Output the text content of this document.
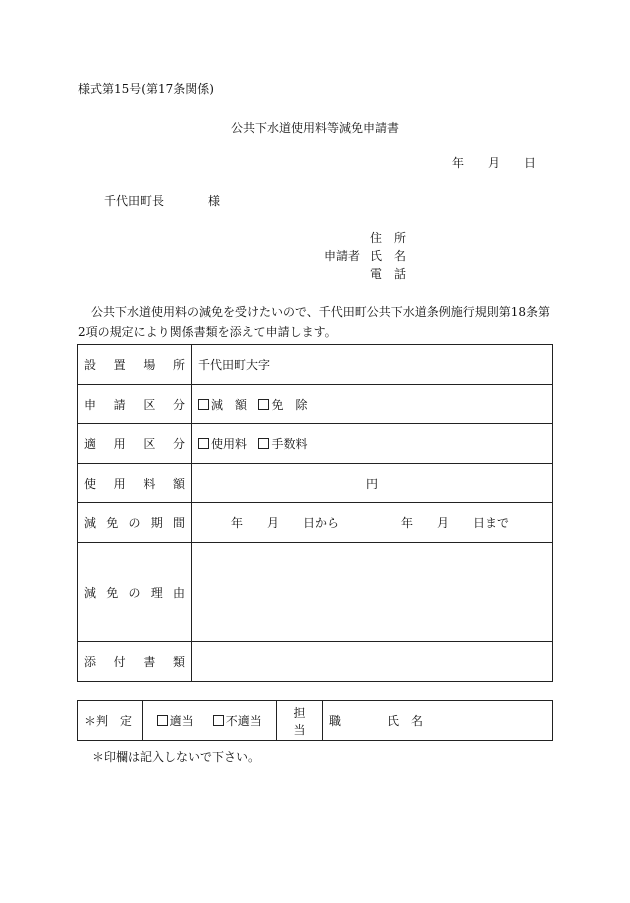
様式第15号(第17条関係)
公共下水道使用料等減免申請書
年 月 日
千代田町長	様
住　所
申請者 氏　名
電　話
公共下水道使用料の減免を受けたいので、千代田町公共下水道条例施行規則第18条第2項の規定により関係書類を添えて申請します。
設 置 場 所	千代田町大字

申 請 区 分	減　額 免　除

適 用 区 分	使用料 手数料

使 用 料 額	円

減 免 の 期 間	年　　月　　日から 年　　月　　日まで

減 免 の 理 由	

添 付 書 類	

＊判　定	適当	不適当	担　当	職	氏　名
＊印欄は記入しないで下さい。
